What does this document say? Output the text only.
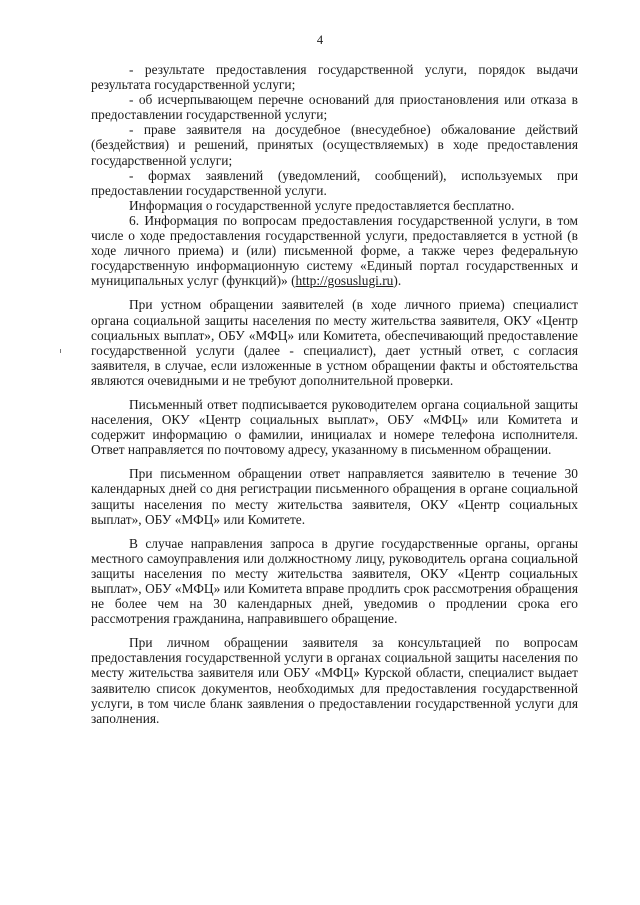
4

- результате предоставления государственной услуги, порядок выдачи результата государственной услуги;

- об исчерпывающем перечне оснований для приостановления или отказа в предоставлении государственной услуги;

- праве заявителя на досудебное (внесудебное) обжалование действий (бездействия) и решений, принятых (осуществляемых) в ходе предоставления государственной услуги;

- формах заявлений (уведомлений, сообщений), используемых при предоставлении государственной услуги.

Информация о государственной услуге предоставляется бесплатно.

6. Информация по вопросам предоставления государственной услуги, в том числе о ходе предоставления государственной услуги, предоставляется в устной (в ходе личного приема) и (или) письменной форме, а также через федеральную государственную информационную систему «Единый портал государственных и муниципальных услуг (функций)» (http://gosuslugi.ru).

При устном обращении заявителей (в ходе личного приема) специалист органа социальной защиты населения по месту жительства заявителя, ОКУ «Центр социальных выплат», ОБУ «МФЦ» или Комитета, обеспечивающий предоставление государственной услуги (далее - специалист), дает устный ответ, с согласия заявителя, в случае, если изложенные в устном обращении факты и обстоятельства являются очевидными и не требуют дополнительной проверки.

Письменный ответ подписывается руководителем органа социальной защиты населения, ОКУ «Центр социальных выплат», ОБУ «МФЦ» или Комитета и содержит информацию о фамилии, инициалах и номере телефона исполнителя. Ответ направляется по почтовому адресу, указанному в письменном обращении.

При письменном обращении ответ направляется заявителю в течение 30 календарных дней со дня регистрации письменного обращения в органе социальной защиты населения по месту жительства заявителя, ОКУ «Центр социальных выплат», ОБУ «МФЦ» или Комитете.

В случае направления запроса в другие государственные органы, органы местного самоуправления или должностному лицу, руководитель органа социальной защиты населения по месту жительства заявителя, ОКУ «Центр социальных выплат», ОБУ «МФЦ» или Комитета вправе продлить срок рассмотрения обращения не более чем на 30 календарных дней, уведомив о продлении срока его рассмотрения гражданина, направившего обращение.

При личном обращении заявителя за консультацией по вопросам предоставления государственной услуги в органах социальной защиты населения по месту жительства заявителя или ОБУ «МФЦ» Курской области, специалист выдает заявителю список документов, необходимых для предоставления государственной услуги, в том числе бланк заявления о предоставлении государственной услуги для заполнения.
